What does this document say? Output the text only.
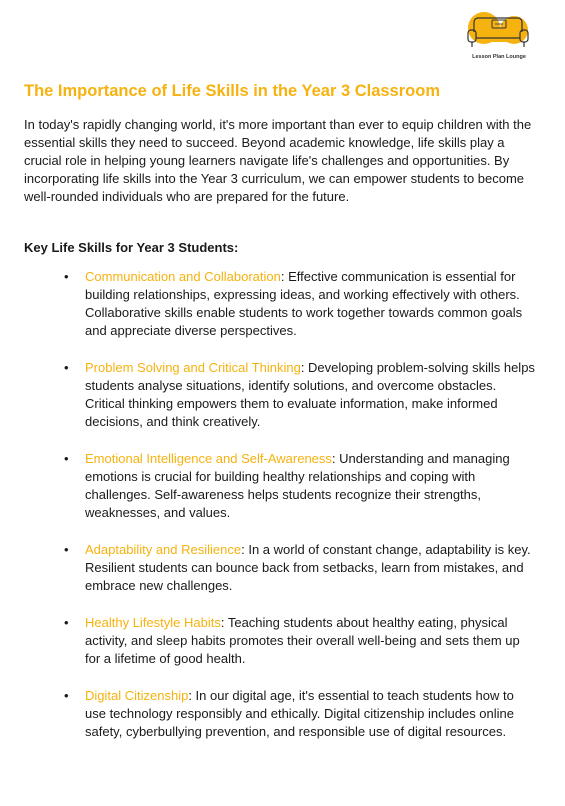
Lesson Plan Lounge
The Importance of Life Skills in the Year 3 Classroom

In today's rapidly changing world, it's more important than ever to equip children with the essential skills they need to succeed. Beyond academic knowledge, life skills play a crucial role in helping young learners navigate life's challenges and opportunities. By incorporating life skills into the Year 3 curriculum, we can empower students to become well-rounded individuals who are prepared for the future.

Key Life Skills for Year 3 Students:

• Communication and Collaboration: Effective communication is essential for building relationships, expressing ideas, and working effectively with others. Collaborative skills enable students to work together towards common goals and appreciate diverse perspectives.
• Problem Solving and Critical Thinking: Developing problem-solving skills helps students analyse situations, identify solutions, and overcome obstacles. Critical thinking empowers them to evaluate information, make informed decisions, and think creatively.
• Emotional Intelligence and Self-Awareness: Understanding and managing emotions is crucial for building healthy relationships and coping with challenges. Self-awareness helps students recognize their strengths, weaknesses, and values.
• Adaptability and Resilience: In a world of constant change, adaptability is key. Resilient students can bounce back from setbacks, learn from mistakes, and embrace new challenges.
• Healthy Lifestyle Habits: Teaching students about healthy eating, physical activity, and sleep habits promotes their overall well-being and sets them up for a lifetime of good health.
• Digital Citizenship: In our digital age, it's essential to teach students how to use technology responsibly and ethically. Digital citizenship includes online safety, cyberbullying prevention, and responsible use of digital resources.
